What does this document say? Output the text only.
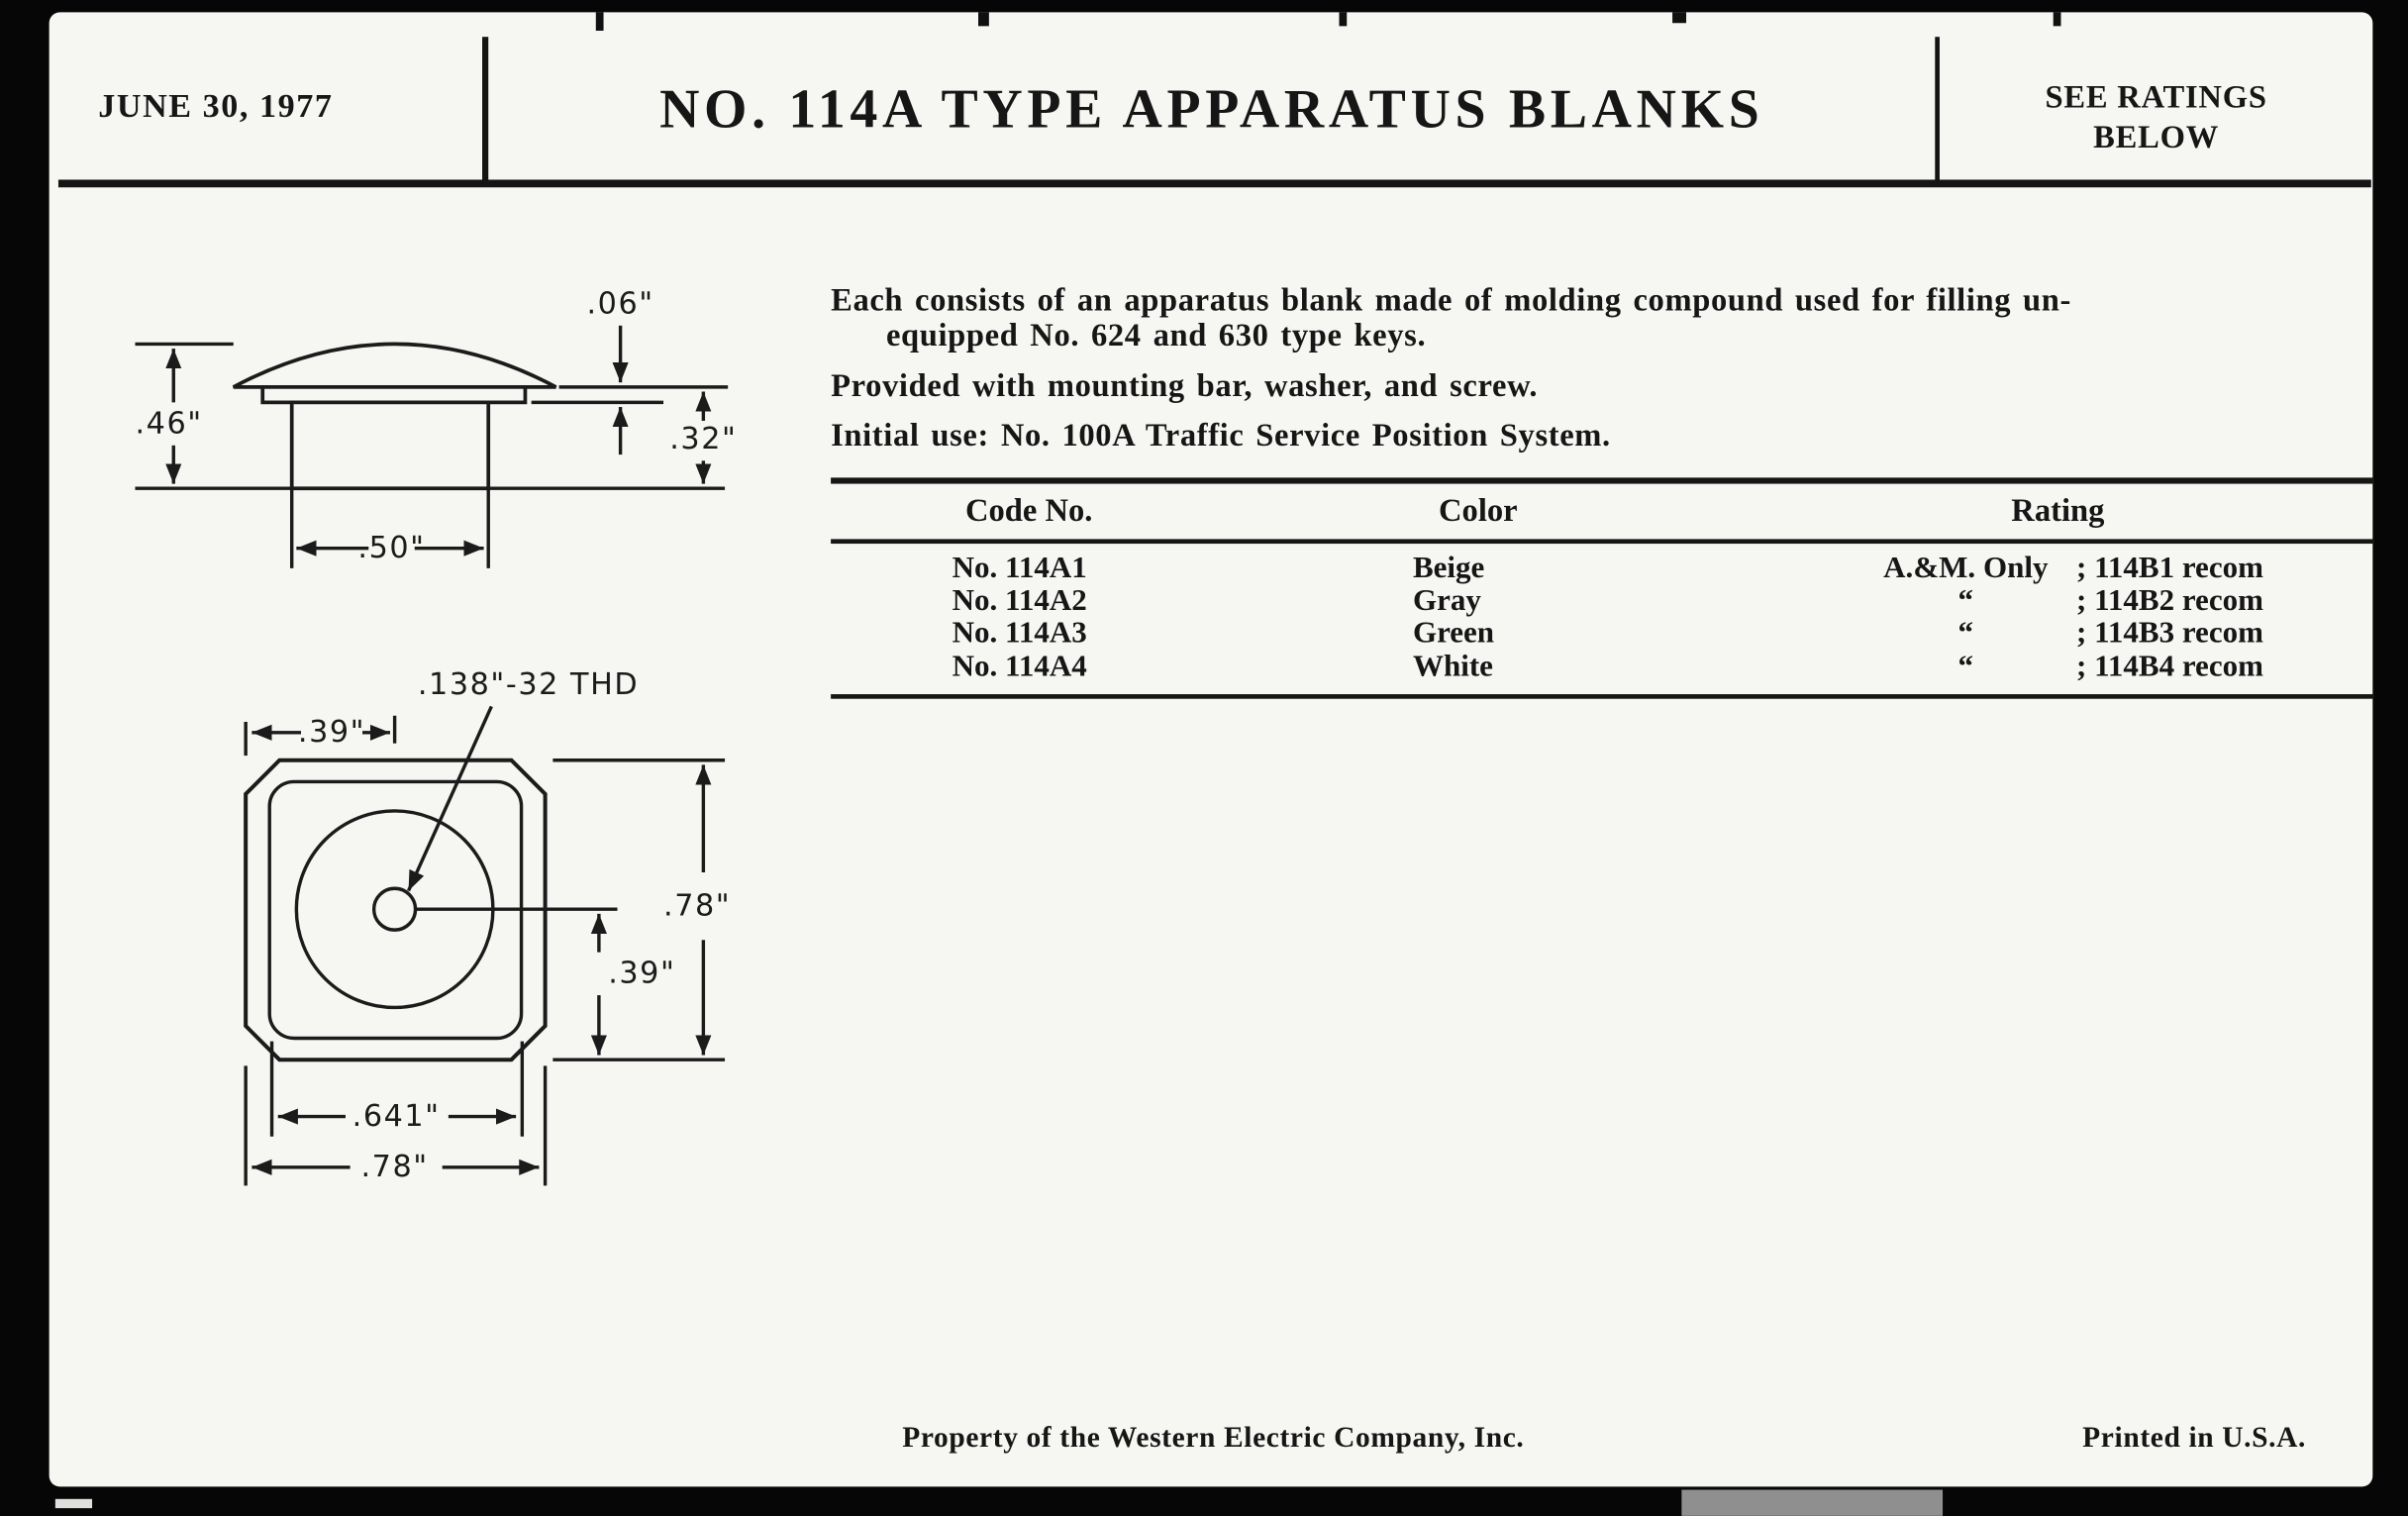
JUNE 30, 1977	NO. 114A TYPE APPARATUS BLANKS	SEE RATINGS
BELOW
Each consists of an apparatus blank made of molding compound used for filling un-
equipped No. 624 and 630 type keys.
Provided with mounting bar, washer, and screw.
Initial use: No. 100A Traffic Service Position System.
Code No.	Color	Rating
No. 114A1	Beige	A.&M. Only	; 114B1 recom
No. 114A2	Gray	“	; 114B2 recom
No. 114A3	Green	“	; 114B3 recom
No. 114A4	White	“	; 114B4 recom
.46"
.06"
.32"
.50"
.138"-32 THD
.39"
.78"
.39"
.641"
.78"
Property of the Western Electric Company, Inc.	Printed in U.S.A.
